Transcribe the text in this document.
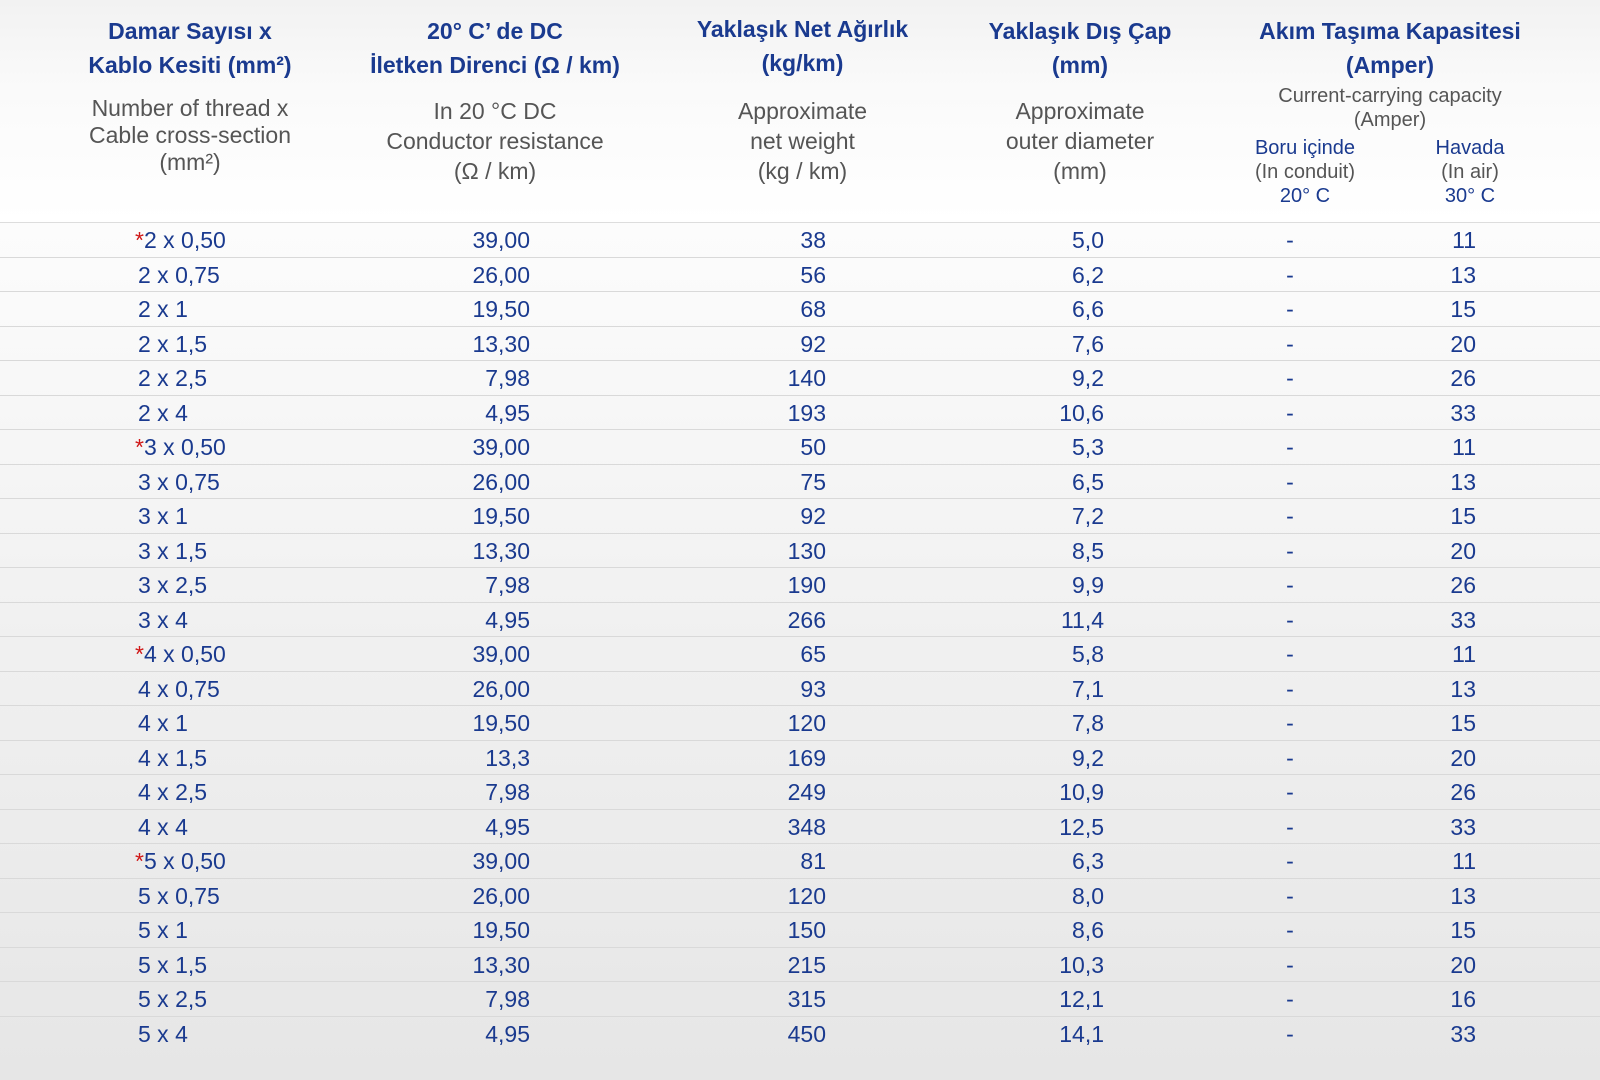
Damar Sayısı x
Kablo Kesiti (mm²)
Number of thread x
Cable cross-section
(mm²)
20° C’ de DC
İletken Direnci (Ω / km)
In 20 °C DC
Conductor resistance
(Ω / km)
Yaklaşık Net Ağırlık
(kg/km)
Approximate
net weight
(kg / km)
Yaklaşık Dış Çap
(mm)
Approximate
outer diameter
(mm)
Akım Taşıma Kapasitesi
(Amper)
Current-carrying capacity
(Amper)
Boru içinde
(In conduit)
20° C
Havada
(In air)
30° C
*2 x 0,50	39,00	38	5,0	-	11
2 x 0,75	26,00	56	6,2	-	13
2 x 1	19,50	68	6,6	-	15
2 x 1,5	13,30	92	7,6	-	20
2 x 2,5	7,98	140	9,2	-	26
2 x 4	4,95	193	10,6	-	33
*3 x 0,50	39,00	50	5,3	-	11
3 x 0,75	26,00	75	6,5	-	13
3 x 1	19,50	92	7,2	-	15
3 x 1,5	13,30	130	8,5	-	20
3 x 2,5	7,98	190	9,9	-	26
3 x 4	4,95	266	11,4	-	33
*4 x 0,50	39,00	65	5,8	-	11
4 x 0,75	26,00	93	7,1	-	13
4 x 1	19,50	120	7,8	-	15
4 x 1,5	13,3	169	9,2	-	20
4 x 2,5	7,98	249	10,9	-	26
4 x 4	4,95	348	12,5	-	33
*5 x 0,50	39,00	81	6,3	-	11
5 x 0,75	26,00	120	8,0	-	13
5 x 1	19,50	150	8,6	-	15
5 x 1,5	13,30	215	10,3	-	20
5 x 2,5	7,98	315	12,1	-	16
5 x 4	4,95	450	14,1	-	33
